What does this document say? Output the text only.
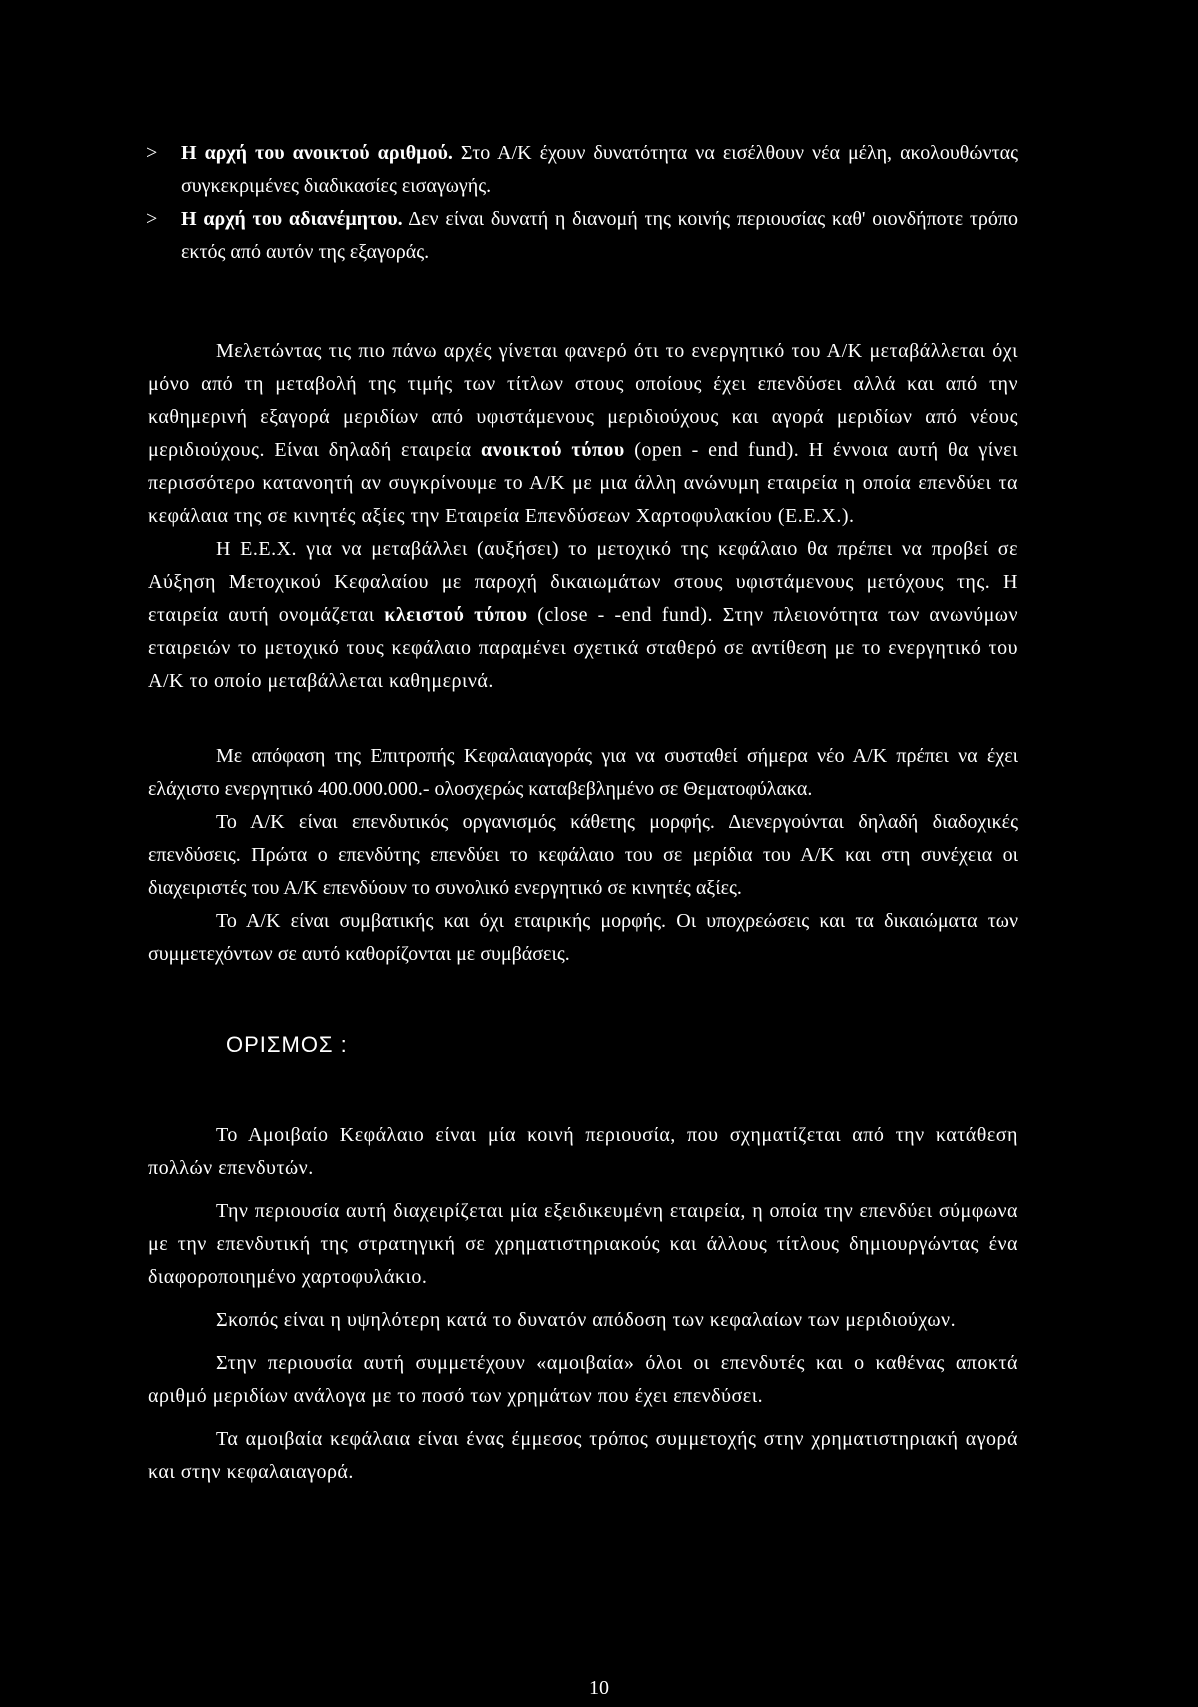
> Η αρχή του ανοικτού αριθμού. Στο Α/Κ έχουν δυνατότητα να εισέλθουν νέα μέλη, ακολουθώντας συγκεκριμένες διαδικασίες εισαγωγής.
> Η αρχή του αδιανέμητου. Δεν είναι δυνατή η διανομή της κοινής περιουσίας καθ' οιονδήποτε τρόπο εκτός από αυτόν της εξαγοράς.

Μελετώντας τις πιο πάνω αρχές γίνεται φανερό ότι το ενεργητικό του Α/Κ μεταβάλλεται όχι μόνο από τη μεταβολή της τιμής των τίτλων στους οποίους έχει επενδύσει αλλά και από την καθημερινή εξαγορά μεριδίων από υφιστάμενους μεριδιούχους και αγορά μεριδίων από νέους μεριδιούχους. Είναι δηλαδή εταιρεία ανοικτού τύπου (open - end fund). Η έννοια αυτή θα γίνει περισσότερο κατανοητή αν συγκρίνουμε το Α/Κ με μια άλλη ανώνυμη εταιρεία η οποία επενδύει τα κεφάλαια της σε κινητές αξίες την Εταιρεία Επενδύσεων Χαρτοφυλακίου (Ε.Ε.Χ.).

Η Ε.Ε.Χ. για να μεταβάλλει (αυξήσει) το μετοχικό της κεφάλαιο θα πρέπει να προβεί σε Αύξηση Μετοχικού Κεφαλαίου με παροχή δικαιωμάτων στους υφιστάμενους μετόχους της. Η εταιρεία αυτή ονομάζεται κλειστού τύπου (close - -end fund). Στην πλειονότητα των ανωνύμων εταιρειών το μετοχικό τους κεφάλαιο παραμένει σχετικά σταθερό σε αντίθεση με το ενεργητικό του Α/Κ το οποίο μεταβάλλεται καθημερινά.

Με απόφαση της Επιτροπής Κεφαλαιαγοράς για να συσταθεί σήμερα νέο Α/Κ πρέπει να έχει ελάχιστο ενεργητικό 400.000.000.- ολοσχερώς καταβεβλημένο σε Θεματοφύλακα.

Το Α/Κ είναι επενδυτικός οργανισμός κάθετης μορφής. Διενεργούνται δηλαδή διαδοχικές επενδύσεις. Πρώτα ο επενδύτης επενδύει το κεφάλαιο του σε μερίδια του Α/Κ και στη συνέχεια οι διαχειριστές του Α/Κ επενδύουν το συνολικό ενεργητικό σε κινητές αξίες.

Το Α/Κ είναι συμβατικής και όχι εταιρικής μορφής. Οι υποχρεώσεις και τα δικαιώματα των συμμετεχόντων σε αυτό καθορίζονται με συμβάσεις.

ΟΡΙΣΜΟΣ :

Το Αμοιβαίο Κεφάλαιο είναι μία κοινή περιουσία, που σχηματίζεται από την κατάθεση πολλών επενδυτών.

Την περιουσία αυτή διαχειρίζεται μία εξειδικευμένη εταιρεία, η οποία την επενδύει σύμφωνα με την επενδυτική της στρατηγική σε χρηματιστηριακούς και άλλους τίτλους δημιουργώντας ένα διαφοροποιημένο χαρτοφυλάκιο.

Σκοπός είναι η υψηλότερη κατά το δυνατόν απόδοση των κεφαλαίων των μεριδιούχων.

Στην περιουσία αυτή συμμετέχουν «αμοιβαία» όλοι οι επενδυτές και ο καθένας αποκτά αριθμό μεριδίων ανάλογα με το ποσό των χρημάτων που έχει επενδύσει.

Τα αμοιβαία κεφάλαια είναι ένας έμμεσος τρόπος συμμετοχής στην χρηματιστηριακή αγορά και στην κεφαλαιαγορά.

10
